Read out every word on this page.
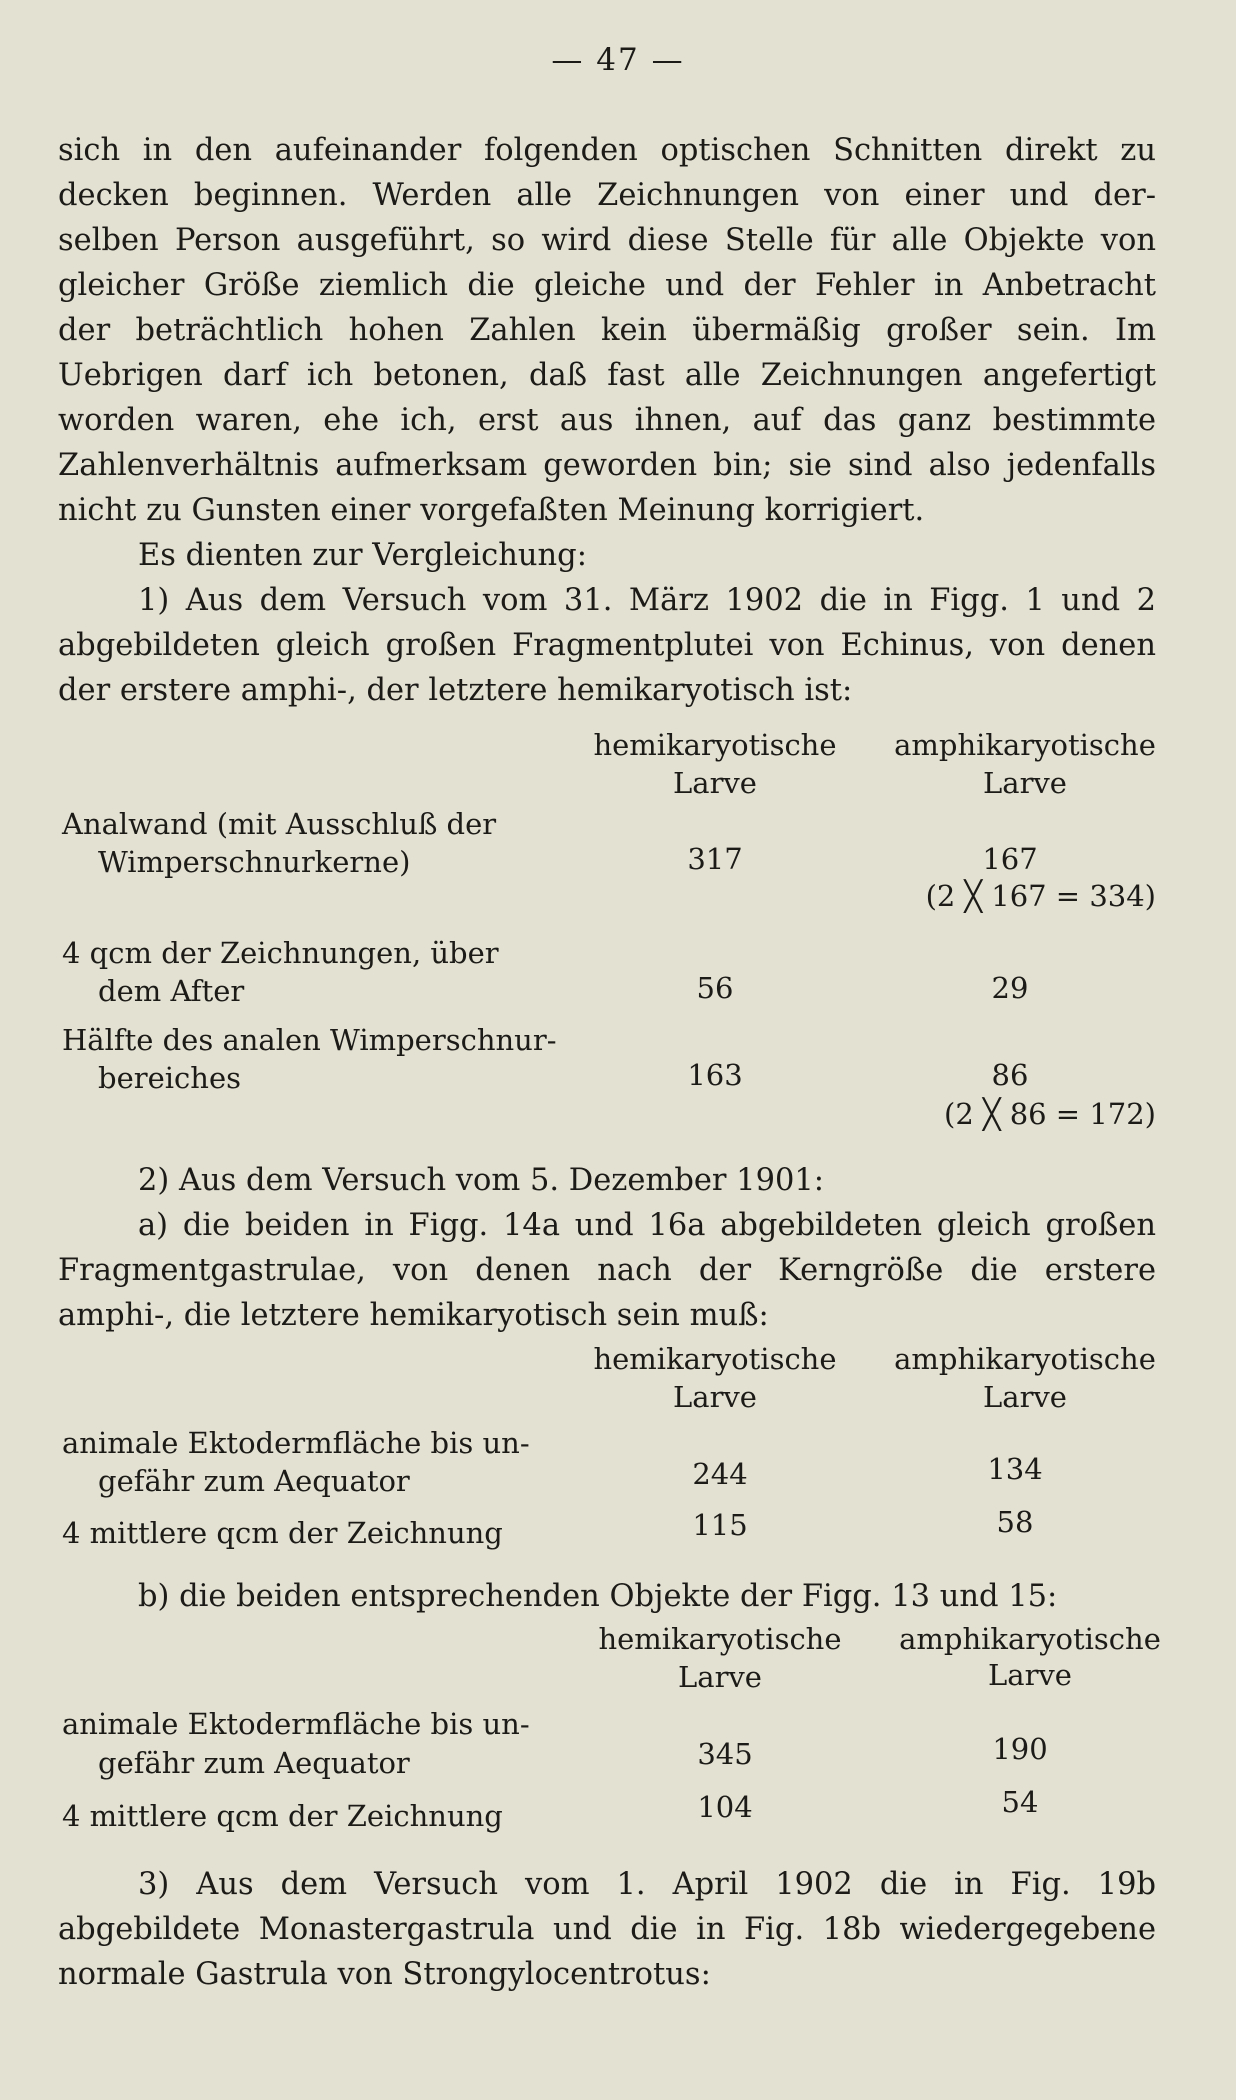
— 47 —
sich in den aufeinander folgenden optischen Schnitten direkt zu
decken beginnen. Werden alle Zeichnungen von einer und der-
selben Person ausgeführt, so wird diese Stelle für alle Objekte von
gleicher Größe ziemlich die gleiche und der Fehler in Anbetracht
der beträchtlich hohen Zahlen kein übermäßig großer sein. Im
Uebrigen darf ich betonen, daß fast alle Zeichnungen angefertigt
worden waren, ehe ich, erst aus ihnen, auf das ganz bestimmte
Zahlenverhältnis aufmerksam geworden bin; sie sind also jedenfalls
nicht zu Gunsten einer vorgefaßten Meinung korrigiert.
Es dienten zur Vergleichung:
1) Aus dem Versuch vom 31. März 1902 die in Figg. 1 und 2
abgebildeten gleich großen Fragmentplutei von Echinus, von denen
der erstere amphi-, der letztere hemikaryotisch ist:
hemikaryotische	amphikaryotische
Larve	Larve
Analwand (mit Ausschluß der
Wimperschnurkerne)	317	167
(2 ╳ 167 = 334)
4 qcm der Zeichnungen, über
dem After	56	29
Hälfte des analen Wimperschnur-
bereiches	163	86
(2 ╳ 86 = 172)
2) Aus dem Versuch vom 5. Dezember 1901:
a) die beiden in Figg. 14a und 16a abgebildeten gleich großen
Fragmentgastrulae, von denen nach der Kerngröße die erstere
amphi-, die letztere hemikaryotisch sein muß:
hemikaryotische	amphikaryotische
Larve	Larve
animale Ektodermfläche bis un-
gefähr zum Aequator	244	134
4 mittlere qcm der Zeichnung	115	58
b) die beiden entsprechenden Objekte der Figg. 13 und 15:
hemikaryotische	amphikaryotische
Larve	Larve
animale Ektodermfläche bis un-
gefähr zum Aequator	345	190
4 mittlere qcm der Zeichnung	104	54
3) Aus dem Versuch vom 1. April 1902 die in Fig. 19b
abgebildete Monastergastrula und die in Fig. 18b wiedergegebene
normale Gastrula von Strongylocentrotus:
